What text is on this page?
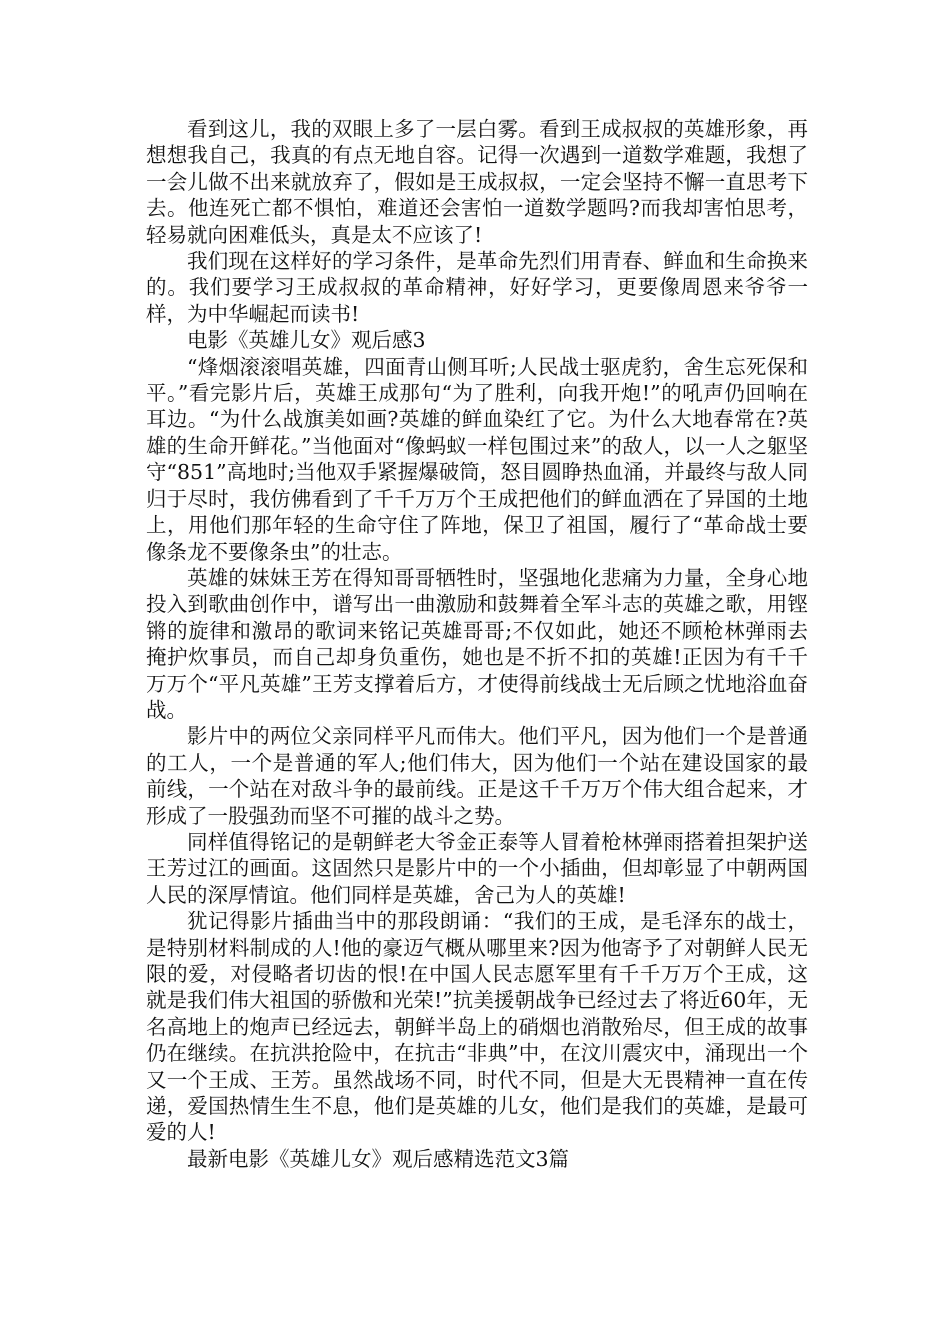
看到这儿，我的双眼上多了一层白雾。看到王成叔叔的英雄形象，再想想我自己，我真的有点无地自容。记得一次遇到一道数学难题，我想了一会儿做不出来就放弃了，假如是王成叔叔，一定会坚持不懈一直思考下去。他连死亡都不惧怕，难道还会害怕一道数学题吗?而我却害怕思考，轻易就向困难低头，真是太不应该了!

我们现在这样好的学习条件，是革命先烈们用青春、鲜血和生命换来的。我们要学习王成叔叔的革命精神，好好学习，更要像周恩来爷爷一样，为中华崛起而读书!

电影《英雄儿女》观后感3

“烽烟滚滚唱英雄，四面青山侧耳听;人民战士驱虎豹，舍生忘死保和平。”看完影片后，英雄王成那句“为了胜利，向我开炮!”的吼声仍回响在耳边。“为什么战旗美如画?英雄的鲜血染红了它。为什么大地春常在?英雄的生命开鲜花。”当他面对“像蚂蚁一样包围过来”的敌人，以一人之躯坚守“851”高地时;当他双手紧握爆破筒，怒目圆睁热血涌，并最终与敌人同归于尽时，我仿佛看到了千千万万个王成把他们的鲜血洒在了异国的土地上，用他们那年轻的生命守住了阵地，保卫了祖国，履行了“革命战士要像条龙不要像条虫”的壮志。

英雄的妹妹王芳在得知哥哥牺牲时，坚强地化悲痛为力量，全身心地投入到歌曲创作中，谱写出一曲激励和鼓舞着全军斗志的英雄之歌，用铿锵的旋律和激昂的歌词来铭记英雄哥哥;不仅如此，她还不顾枪林弹雨去掩护炊事员，而自己却身负重伤，她也是不折不扣的英雄!正因为有千千万万个“平凡英雄”王芳支撑着后方，才使得前线战士无后顾之忧地浴血奋战。

影片中的两位父亲同样平凡而伟大。他们平凡，因为他们一个是普通的工人，一个是普通的军人;他们伟大，因为他们一个站在建设国家的最前线，一个站在对敌斗争的最前线。正是这千千万万个伟大组合起来，才形成了一股强劲而坚不可摧的战斗之势。

同样值得铭记的是朝鲜老大爷金正泰等人冒着枪林弹雨搭着担架护送王芳过江的画面。这固然只是影片中的一个小插曲，但却彰显了中朝两国人民的深厚情谊。他们同样是英雄，舍己为人的英雄!

犹记得影片插曲当中的那段朗诵：“我们的王成，是毛泽东的战士，是特别材料制成的人!他的豪迈气概从哪里来?因为他寄予了对朝鲜人民无限的爱，对侵略者切齿的恨!在中国人民志愿军里有千千万万个王成，这就是我们伟大祖国的骄傲和光荣!”抗美援朝战争已经过去了将近60年，无名高地上的炮声已经远去，朝鲜半岛上的硝烟也消散殆尽，但王成的故事仍在继续。在抗洪抢险中，在抗击“非典”中，在汶川震灾中，涌现出一个又一个王成、王芳。虽然战场不同，时代不同，但是大无畏精神一直在传递，爱国热情生生不息，他们是英雄的儿女，他们是我们的英雄，是最可爱的人!

最新电影《英雄儿女》观后感精选范文3篇
